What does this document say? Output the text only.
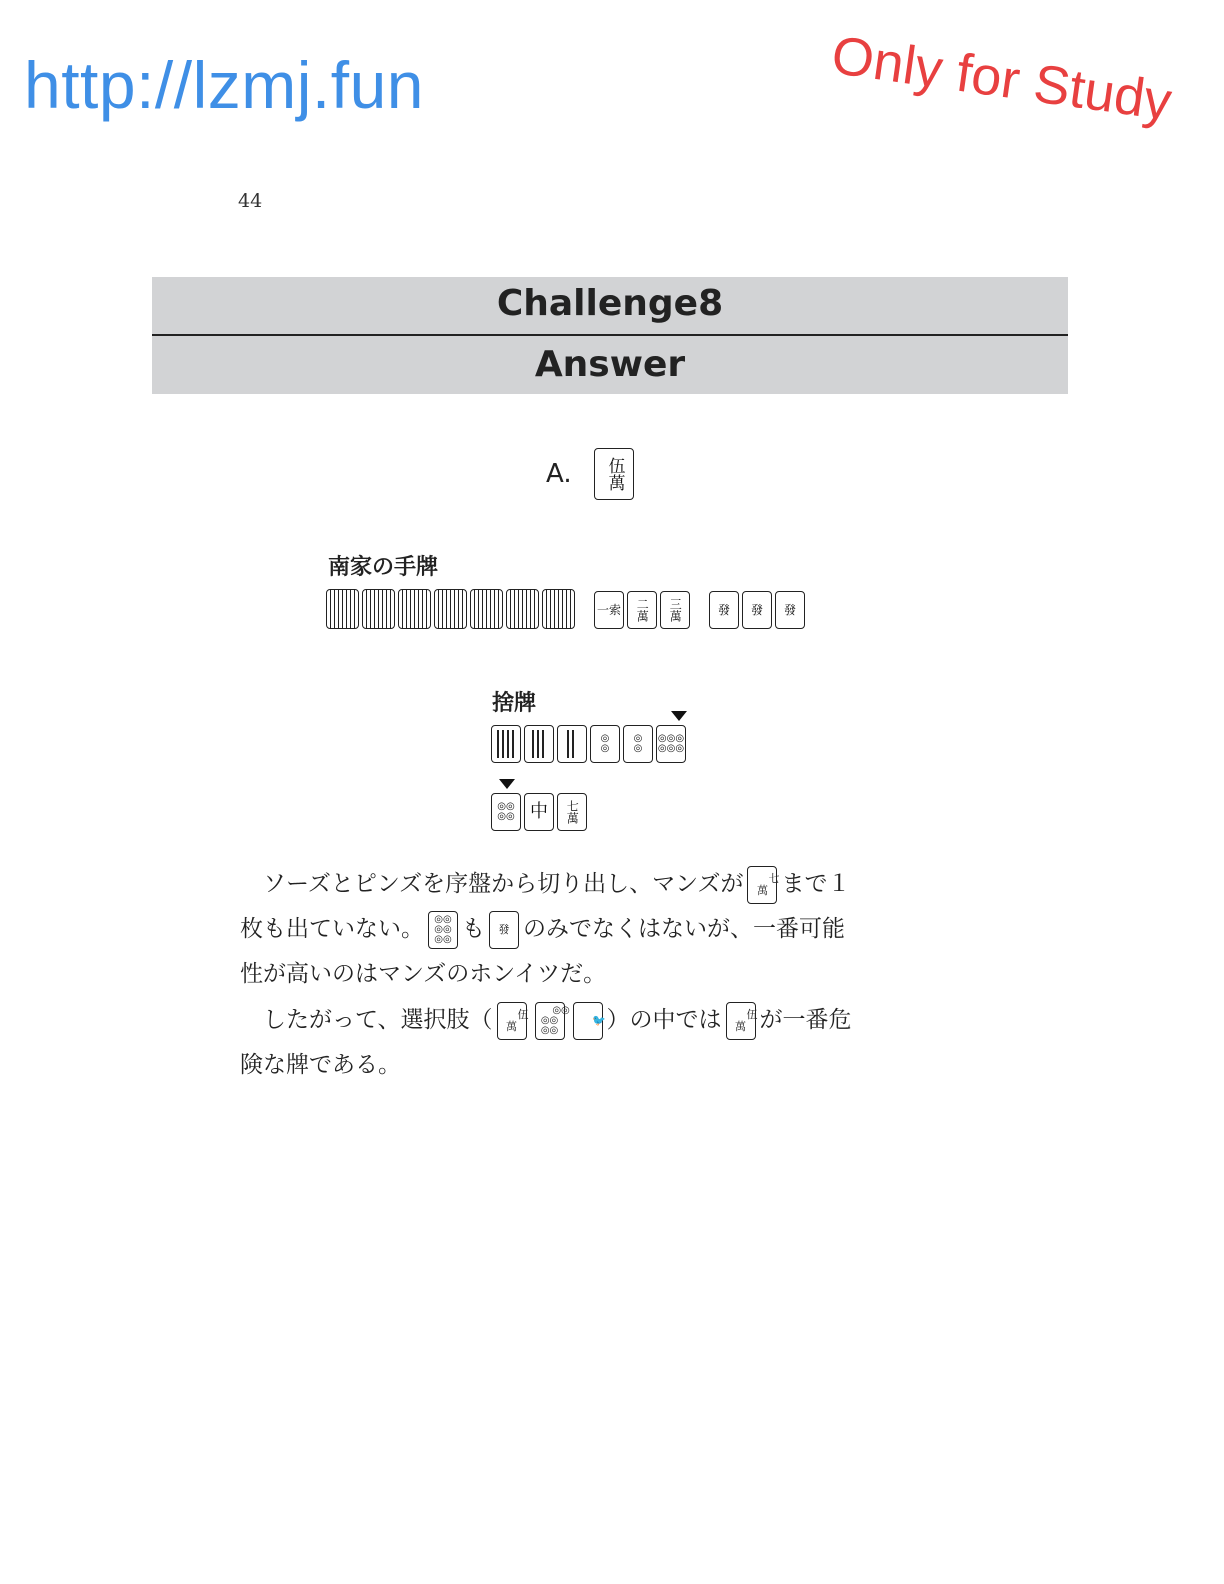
http://lzmj.fun	Only for Study
44
Challenge8
Answer
A. 伍萬
南家の手牌
一索 二萬 三萬	發 發 發
捨牌
◎
◎
◎
◎
◎◎◎
◎◎◎
◎◎
◎◎ 中 七萬
ソーズとピンズを序盤から切り出し、マンズが	七萬 まで１
枚も出ていない。 ◎◎
◎◎
◎◎ も 發 のみでなくはないが、一番可能
性が高いのはマンズのホンイツだ。
したがって、選択肢（	伍萬
◎◎
◎◎
◎◎
🐦）の中では	伍萬 が一番危
険な牌である。
